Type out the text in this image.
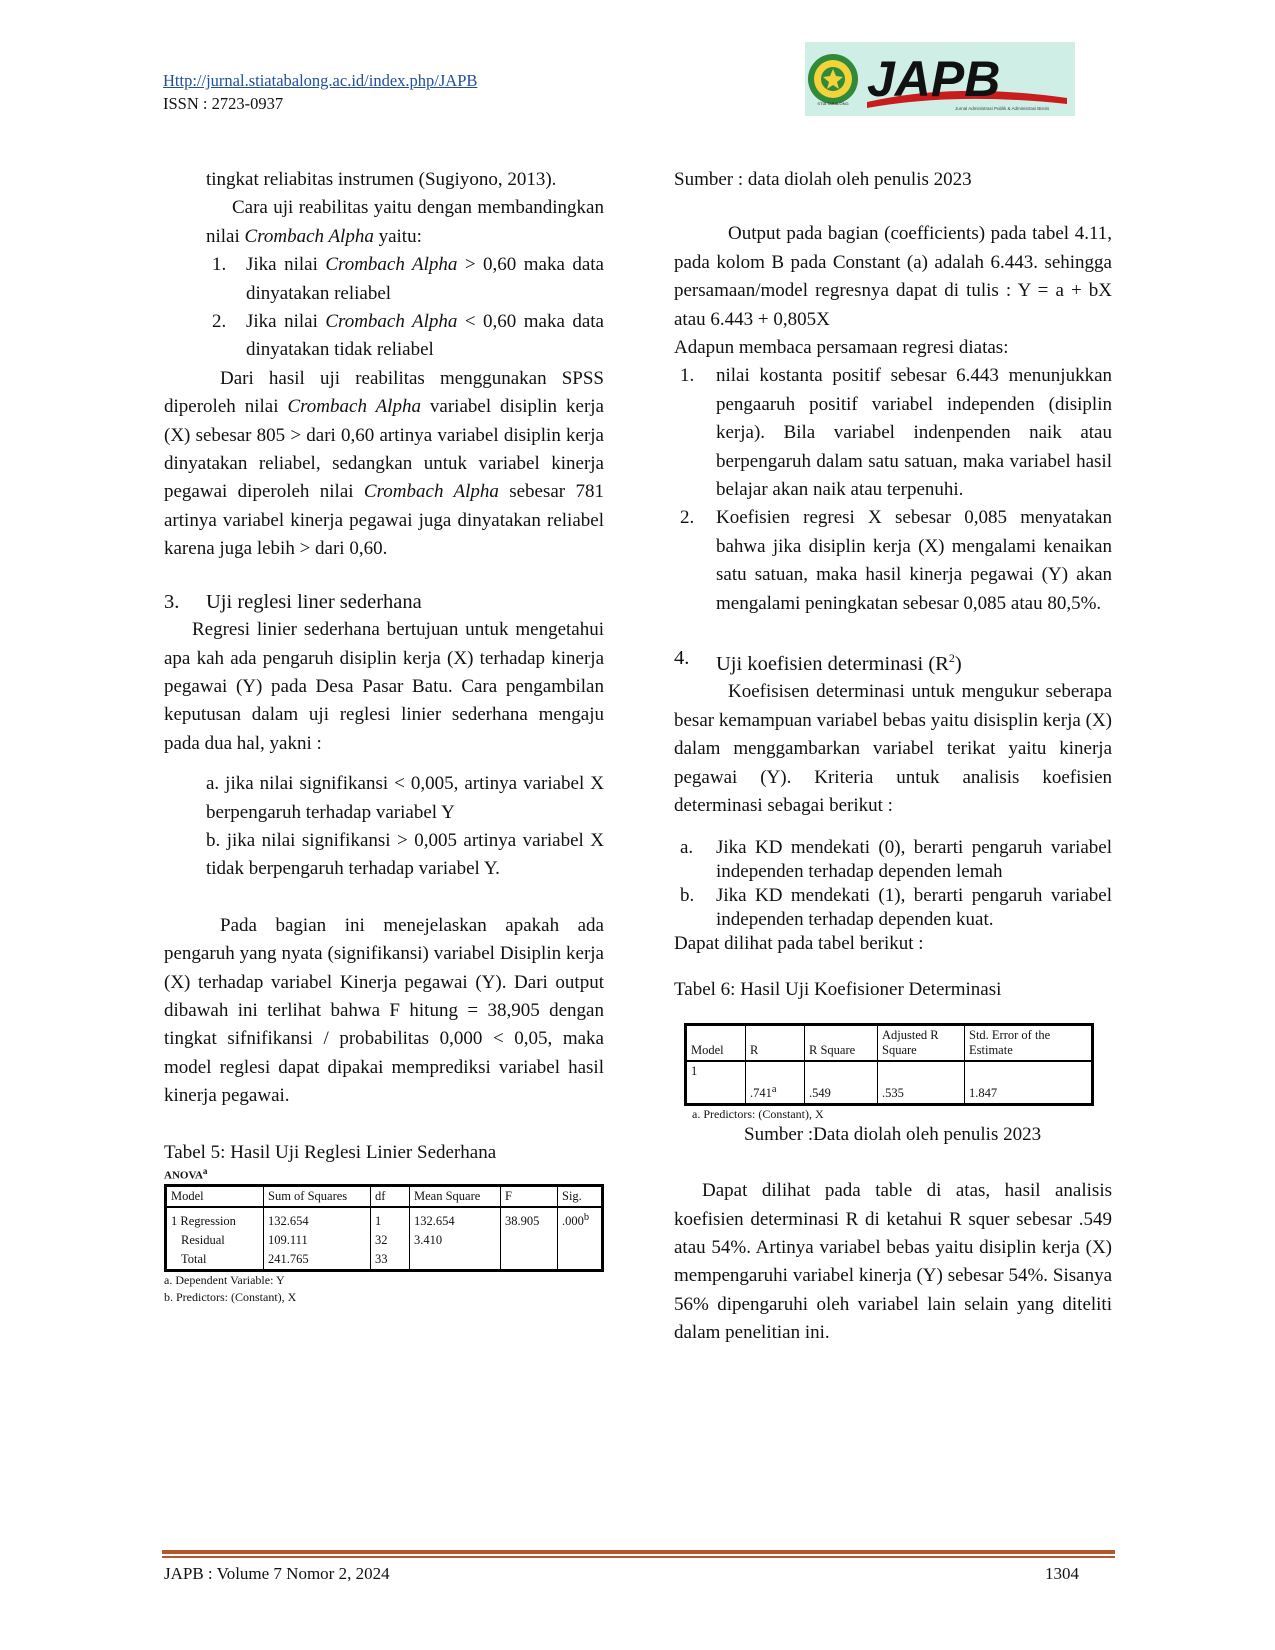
Http://jurnal.stiatabalong.ac.id/index.php/JAPB
ISSN : 2723-0937	STIA TABALONG JAPB
Jurnal Administrasi Publik & Administrasi Bisnis

tingkat reliabitas instrumen (Sugiyono, 2013).

Cara uji reabilitas yaitu dengan membandingkan nilai Crombach Alpha yaitu:

1.	Jika nilai Crombach Alpha > 0,60 maka data dinyatakan reliabel
2.	Jika nilai Crombach Alpha < 0,60 maka data dinyatakan tidak reliabel

Dari hasil uji reabilitas menggunakan SPSS diperoleh nilai Crombach Alpha variabel disiplin kerja (X) sebesar 805 > dari 0,60 artinya variabel disiplin kerja dinyatakan reliabel, sedangkan untuk variabel kinerja pegawai diperoleh nilai Crombach Alpha sebesar 781 artinya variabel kinerja pegawai juga dinyatakan reliabel karena juga lebih > dari 0,60.

3.	Uji reglesi liner sederhana

Regresi linier sederhana bertujuan untuk mengetahui apa kah ada pengaruh disiplin kerja (X) terhadap kinerja pegawai (Y) pada Desa Pasar Batu. Cara pengambilan keputusan dalam uji reglesi linier sederhana mengaju pada dua hal, yakni :

a. jika nilai signifikansi < 0,005, artinya variabel X berpengaruh terhadap variabel Y

b. jika nilai signifikansi > 0,005 artinya variabel X tidak berpengaruh terhadap variabel Y.

Pada bagian ini menejelaskan apakah ada pengaruh yang nyata (signifikansi) variabel Disiplin kerja (X) terhadap variabel Kinerja pegawai (Y). Dari output dibawah ini terlihat bahwa F hitung = 38,905 dengan tingkat sifnifikansi / probabilitas 0,000 < 0,05, maka model reglesi dapat dipakai memprediksi variabel hasil kinerja pegawai.

Tabel 5: Hasil Uji Reglesi Linier Sederhana

ANOVA$^a$
Model	Sum of Squares	df	Mean Square	F	Sig.
1 Regression	132.654	1	132.654	38.905	.000$^b$
Residual	109.111	32	3.410		
Total	241.765	33			
a. Dependent Variable: Y
b. Predictors: (Constant), X

Sumber : data diolah oleh penulis 2023

Output pada bagian (coefficients) pada tabel 4.11, pada kolom B pada Constant (a) adalah 6.443. sehingga persamaan/model regresnya dapat di tulis : Y = a + bX atau 6.443 + 0,805X

Adapun membaca persamaan regresi diatas:

1.	nilai kostanta positif sebesar 6.443 menunjukkan pengaaruh positif variabel independen (disiplin kerja). Bila variabel indenpenden naik atau berpengaruh dalam satu satuan, maka variabel hasil belajar akan naik atau terpenuhi.
2.	Koefisien regresi X sebesar 0,085 menyatakan bahwa jika disiplin kerja (X) mengalami kenaikan satu satuan, maka hasil kinerja pegawai (Y) akan mengalami peningkatan sebesar 0,085 atau 80,5%.
4.	Uji koefisien determinasi $(R^2)$

Koefisisen determinasi untuk mengukur seberapa besar kemampuan variabel bebas yaitu disisplin kerja (X) dalam menggambarkan variabel terikat yaitu kinerja pegawai (Y). Kriteria untuk analisis koefisien determinasi sebagai berikut :

a.	Jika KD mendekati (0), berarti pengaruh variabel independen terhadap dependen lemah
b.	Jika KD mendekati (1), berarti pengaruh variabel independen terhadap dependen kuat.

Dapat dilihat pada tabel berikut :

Tabel 6: Hasil Uji Koefisioner Determinasi

Model	R	R Square	Adjusted R Square	Std. Error of the Estimate
1	.741$^a$	.549	.535	1.847
a. Predictors: (Constant), X

Sumber :Data diolah oleh penulis 2023

Dapat dilihat pada table di atas, hasil analisis koefisien determinasi R di ketahui R squer sebesar .549 atau 54%. Artinya variabel bebas yaitu disiplin kerja (X) mempengaruhi variabel kinerja (Y) sebesar 54%. Sisanya 56% dipengaruhi oleh variabel lain selain yang diteliti dalam penelitian ini.

JAPB : Volume 7 Nomor 2, 2024	1304
